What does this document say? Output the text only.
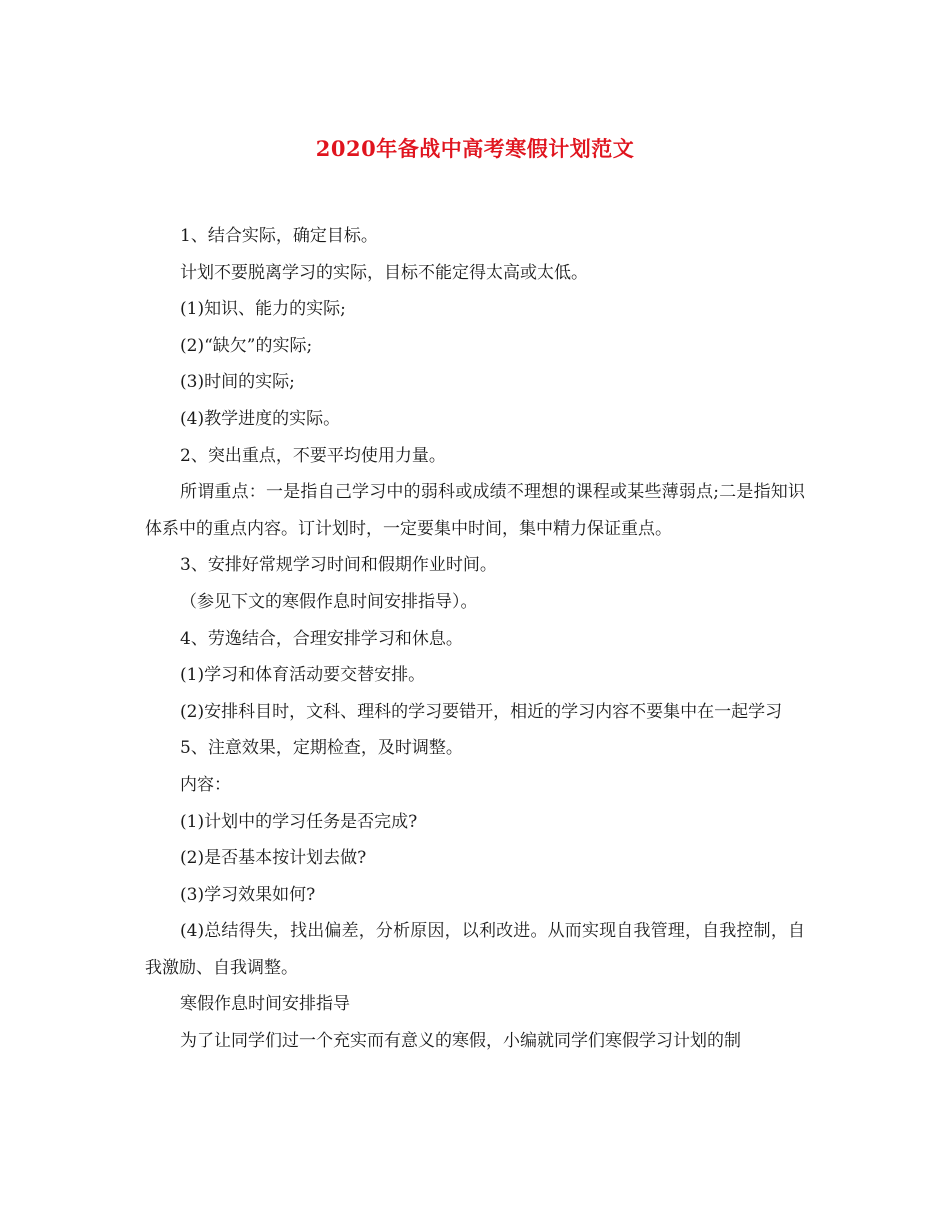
2020年备战中高考寒假计划范文

1、结合实际，确定目标。

计划不要脱离学习的实际，目标不能定得太高或太低。

(1)知识、能力的实际;

(2)“缺欠”的实际;

(3)时间的实际;

(4)教学进度的实际。

2、突出重点，不要平均使用力量。

所谓重点：一是指自己学习中的弱科或成绩不理想的课程或某些薄弱点;二是指知识体系中的重点内容。订计划时，一定要集中时间，集中精力保证重点。

3、安排好常规学习时间和假期作业时间。

（参见下文的寒假作息时间安排指导）。

4、劳逸结合，合理安排学习和休息。

(1)学习和体育活动要交替安排。

(2)安排科目时，文科、理科的学习要错开，相近的学习内容不要集中在一起学习

5、注意效果，定期检查，及时调整。

内容：

(1)计划中的学习任务是否完成?

(2)是否基本按计划去做?

(3)学习效果如何?

(4)总结得失，找出偏差，分析原因，以利改进。从而实现自我管理，自我控制，自我激励、自我调整。

寒假作息时间安排指导

为了让同学们过一个充实而有意义的寒假，小编就同学们寒假学习计划的制
